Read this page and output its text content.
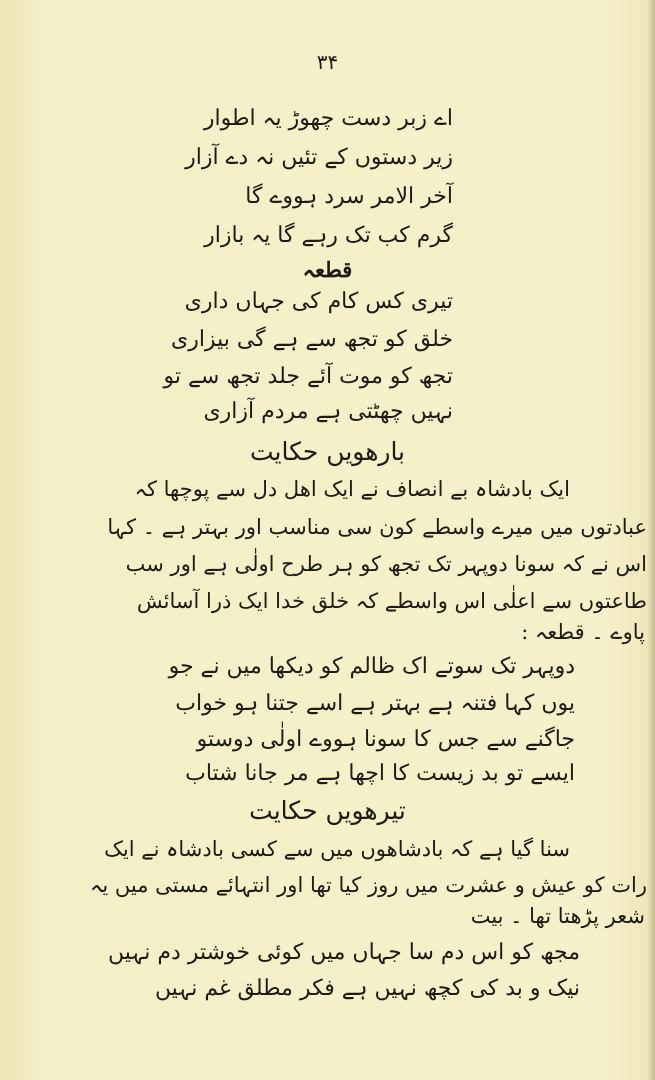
۳۴
اے زبر دست چھوڑ یہ اطوار
زیر دستوں کے تئیں نہ دے آزار
آخر الامر سرد ہووے گا
گرم کب تک رہے گا یہ بازار
قطعہ
تیری کس کام کی جہاں داری
خلق کو تجھ سے ہے گی بیزاری
تجھ کو موت آئے جلد تجھ سے تو
نہیں چھٹتی ہے مردم آزاری
بارھویں حکایت
ایک بادشاہ بے انصاف نے ایک اھل دل سے پوچھا کہ
عبادتوں میں میرے واسطے کون سی مناسب اور بہتر ہے ۔ کہا
اس نے کہ سونا دوپہر تک تجھ کو ہر طرح اولٰی ہے اور سب
طاعتوں سے اعلٰی اس واسطے کہ خلق خدا ایک ذرا آسائش
پاوے ۔ قطعہ :
دوپہر تک سوتے اک ظالم کو دیکھا میں نے جو
یوں کہا فتنہ ہے بہتر ہے اسے جتنا ہو خواب
جاگنے سے جس کا سونا ہووے اولٰی دوستو
ایسے تو بد زیست کا اچھا ہے مر جانا شتاب
تیرھویں حکایت
سنا گیا ہے کہ بادشاھوں میں سے کسی بادشاہ نے ایک
رات کو عیش و عشرت میں روز کیا تھا اور انتہائے مستی میں یہ
شعر پڑھتا تھا ۔ بیت
مجھ کو اس دم سا جہاں میں کوئی خوشتر دم نہیں
نیک و بد کی کچھ نہیں ہے فکر مطلق غم نہیں
